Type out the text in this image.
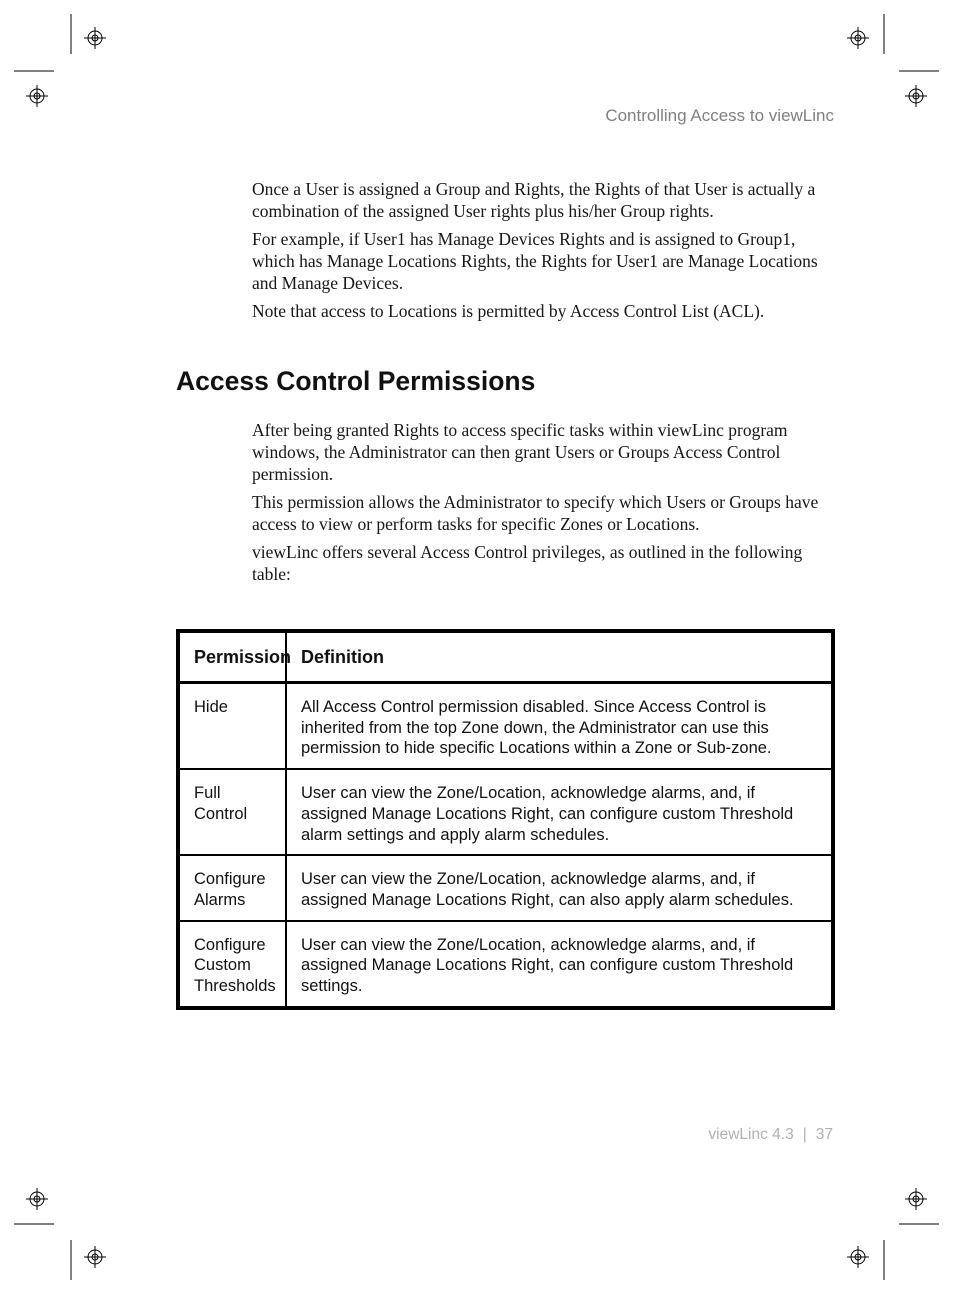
Controlling Access to viewLinc

Once a User is assigned a Group and Rights, the Rights of that User is actually a combination of the assigned User rights plus his/her Group rights.

For example, if User1 has Manage Devices Rights and is assigned to Group1, which has Manage Locations Rights, the Rights for User1 are Manage Locations and Manage Devices.

Note that access to Locations is permitted by Access Control List (ACL).

Access Control Permissions

After being granted Rights to access specific tasks within viewLinc program windows, the Administrator can then grant Users or Groups Access Control permission.

This permission allows the Administrator to specify which Users or Groups have access to view or perform tasks for specific Zones or Locations.

viewLinc offers several Access Control privileges, as outlined in the following table:

Permission	Definition
Hide	All Access Control permission disabled. Since Access Control is inherited from the top Zone down, the Administrator can use this permission to hide specific Locations within a Zone or Sub-zone.
Full Control	User can view the Zone/Location, acknowledge alarms, and, if assigned Manage Locations Right, can configure custom Threshold alarm settings and apply alarm schedules.
Configure Alarms	User can view the Zone/Location, acknowledge alarms, and, if assigned Manage Locations Right, can also apply alarm schedules.
Configure Custom Thresholds	User can view the Zone/Location, acknowledge alarms, and, if assigned Manage Locations Right, can configure custom Threshold settings.
viewLinc 4.3 | 37
